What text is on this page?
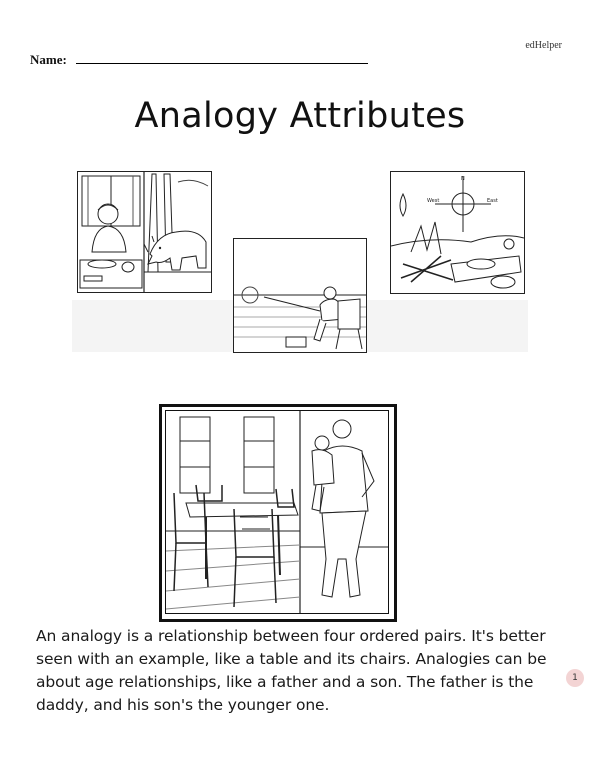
edHelper
Name:
Analogy Attributes
N
West	East
An analogy is a relationship between four ordered pairs. It's better seen with an example, like a table and its chairs. Analogies can be about age relationships, like a father and a son. The father is the daddy, and his son's the younger one.
1
